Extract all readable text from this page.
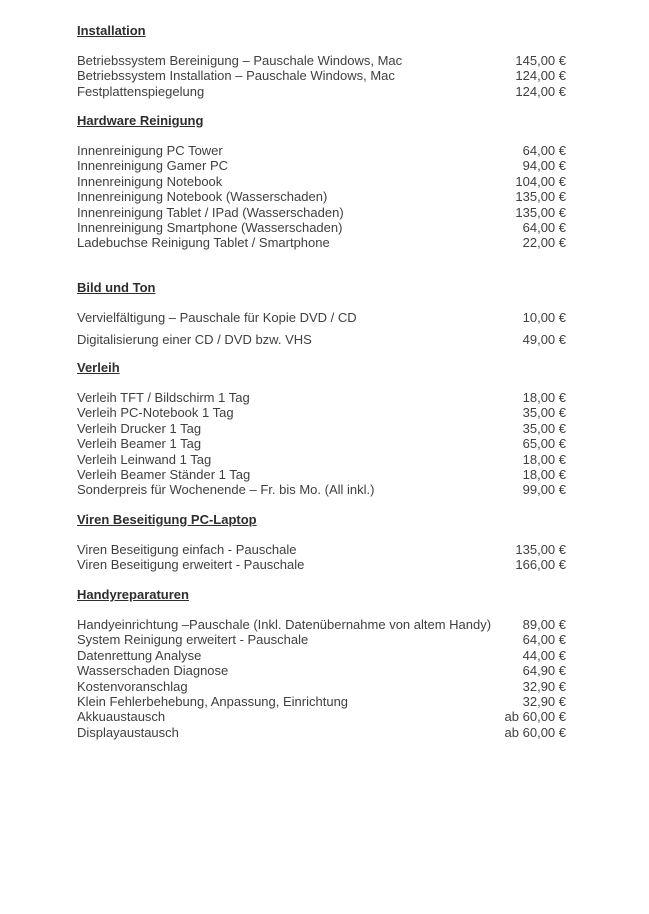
Installation
Betriebssystem Bereinigung – Pauschale Windows, Mac	145,00 €
Betriebssystem Installation – Pauschale Windows, Mac	124,00 €
Festplattenspiegelung	124,00 €
Hardware Reinigung
Innenreinigung PC Tower	64,00 €
Innenreinigung Gamer PC	94,00 €
Innenreinigung Notebook	104,00 €
Innenreinigung Notebook (Wasserschaden)	135,00 €
Innenreinigung Tablet / IPad (Wasserschaden)	135,00 €
Innenreinigung Smartphone (Wasserschaden)	64,00 €
Ladebuchse Reinigung Tablet / Smartphone	22,00 €
Bild und Ton
Vervielfältigung – Pauschale für Kopie DVD / CD	10,00 €
Digitalisierung einer CD / DVD bzw. VHS	49,00 €
Verleih
Verleih TFT / Bildschirm 1 Tag	18,00 €
Verleih PC-Notebook 1 Tag	35,00 €
Verleih Drucker 1 Tag	35,00 €
Verleih Beamer 1 Tag	65,00 €
Verleih Leinwand 1 Tag	18,00 €
Verleih Beamer Ständer 1 Tag	18,00 €
Sonderpreis für Wochenende – Fr. bis Mo. (All inkl.)	99,00 €
Viren Beseitigung PC-Laptop
Viren Beseitigung einfach - Pauschale	135,00 €
Viren Beseitigung erweitert - Pauschale	166,00 €
Handyreparaturen
Handyeinrichtung –Pauschale (Inkl. Datenübernahme von altem Handy)	89,00 €
System Reinigung erweitert - Pauschale	64,00 €
Datenrettung Analyse	44,00 €
Wasserschaden Diagnose	64,90 €
Kostenvoranschlag	32,90 €
Klein Fehlerbehebung, Anpassung, Einrichtung	32,90 €
Akkuaustausch	ab 60,00 €
Displayaustausch	ab 60,00 €
